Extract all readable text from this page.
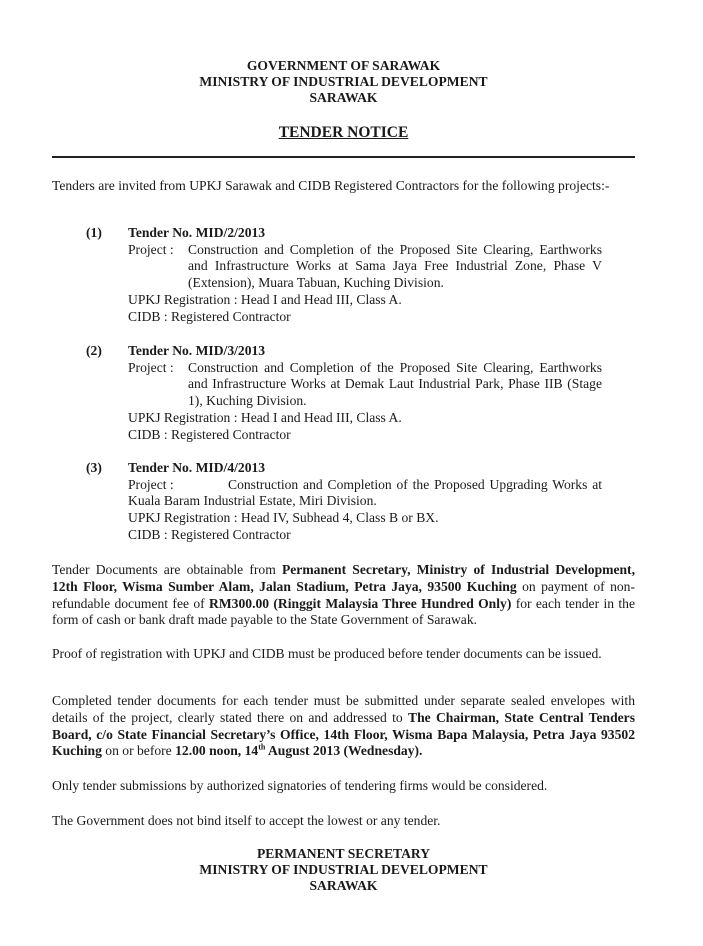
GOVERNMENT OF SARAWAK
MINISTRY OF INDUSTRIAL DEVELOPMENT
SARAWAK
TENDER NOTICE
Tenders are invited from UPKJ Sarawak and CIDB Registered Contractors for the following projects:-
(1) Tender No. MID/2/2013
Project :	Construction and Completion of the Proposed Site Clearing, Earthworks and Infrastructure Works at Sama Jaya Free Industrial Zone, Phase V (Extension), Muara Tabuan, Kuching Division.
UPKJ Registration : Head I and Head III, Class A.
CIDB : Registered Contractor
(2) Tender No. MID/3/2013
Project :	Construction and Completion of the Proposed Site Clearing, Earthworks and Infrastructure Works at Demak Laut Industrial Park, Phase IIB (Stage 1), Kuching Division.
UPKJ Registration : Head I and Head III, Class A.
CIDB : Registered Contractor
(3) Tender No. MID/4/2013
Project :	Construction and Completion of the Proposed Upgrading Works at Kuala Baram Industrial Estate, Miri Division.
UPKJ Registration : Head IV, Subhead 4, Class B or BX.
CIDB : Registered Contractor
Tender Documents are obtainable from Permanent Secretary, Ministry of Industrial Development, 12th Floor, Wisma Sumber Alam, Jalan Stadium, Petra Jaya, 93500 Kuching on payment of non-refundable document fee of RM300.00 (Ringgit Malaysia Three Hundred Only) for each tender in the form of cash or bank draft made payable to the State Government of Sarawak.
Proof of registration with UPKJ and CIDB must be produced before tender documents can be issued.
Completed tender documents for each tender must be submitted under separate sealed envelopes with details of the project, clearly stated there on and addressed to The Chairman, State Central Tenders Board, c/o State Financial Secretary’s Office, 14th Floor, Wisma Bapa Malaysia, Petra Jaya 93502 Kuching on or before 12.00 noon, 14th August 2013 (Wednesday).
Only tender submissions by authorized signatories of tendering firms would be considered.
The Government does not bind itself to accept the lowest or any tender.
PERMANENT SECRETARY
MINISTRY OF INDUSTRIAL DEVELOPMENT
SARAWAK
